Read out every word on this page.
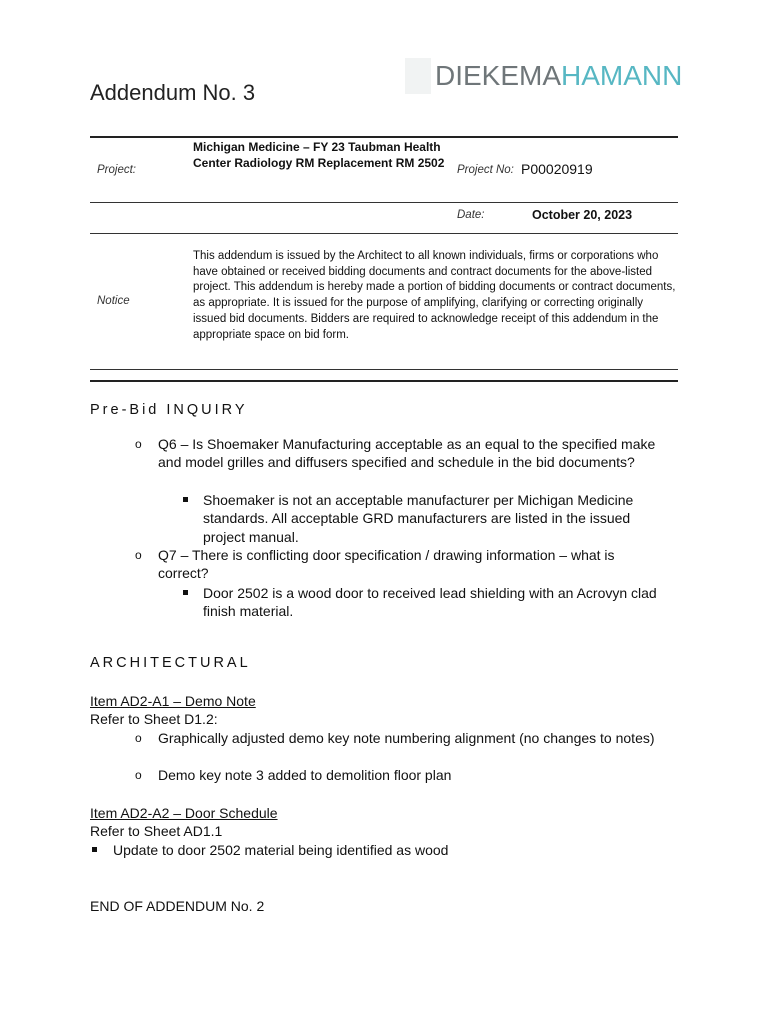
DIEKEMAHAMANN
Addendum No. 3
Project:
Michigan Medicine – FY 23 Taubman Health Center Radiology RM Replacement RM 2502	Project No: P00020919
Date:	October 20, 2023
Notice
This addendum is issued by the Architect to all known individuals, firms or corporations who have obtained or received bidding documents and contract documents for the above-listed project. This addendum is hereby made a portion of bidding documents or contract documents, as appropriate. It is issued for the purpose of amplifying, clarifying or correcting originally issued bid documents. Bidders are required to acknowledge receipt of this addendum in the appropriate space on bid form.
Pre-Bid INQUIRY
o Q6 – Is Shoemaker Manufacturing acceptable as an equal to the specified make and model grilles and diffusers specified and schedule in the bid documents?
Shoemaker is not an acceptable manufacturer per Michigan Medicine standards. All acceptable GRD manufacturers are listed in the issued project manual.
o Q7 – There is conflicting door specification / drawing information – what is correct?
Door 2502 is a wood door to received lead shielding with an Acrovyn clad finish material.
ARCHITECTURAL
Item AD2-A1 – Demo Note
Refer to Sheet D1.2:
o Graphically adjusted demo key note numbering alignment (no changes to notes)
o Demo key note 3 added to demolition floor plan
Item AD2-A2 – Door Schedule
Refer to Sheet AD1.1
Update to door 2502 material being identified as wood
END OF ADDENDUM No. 2
